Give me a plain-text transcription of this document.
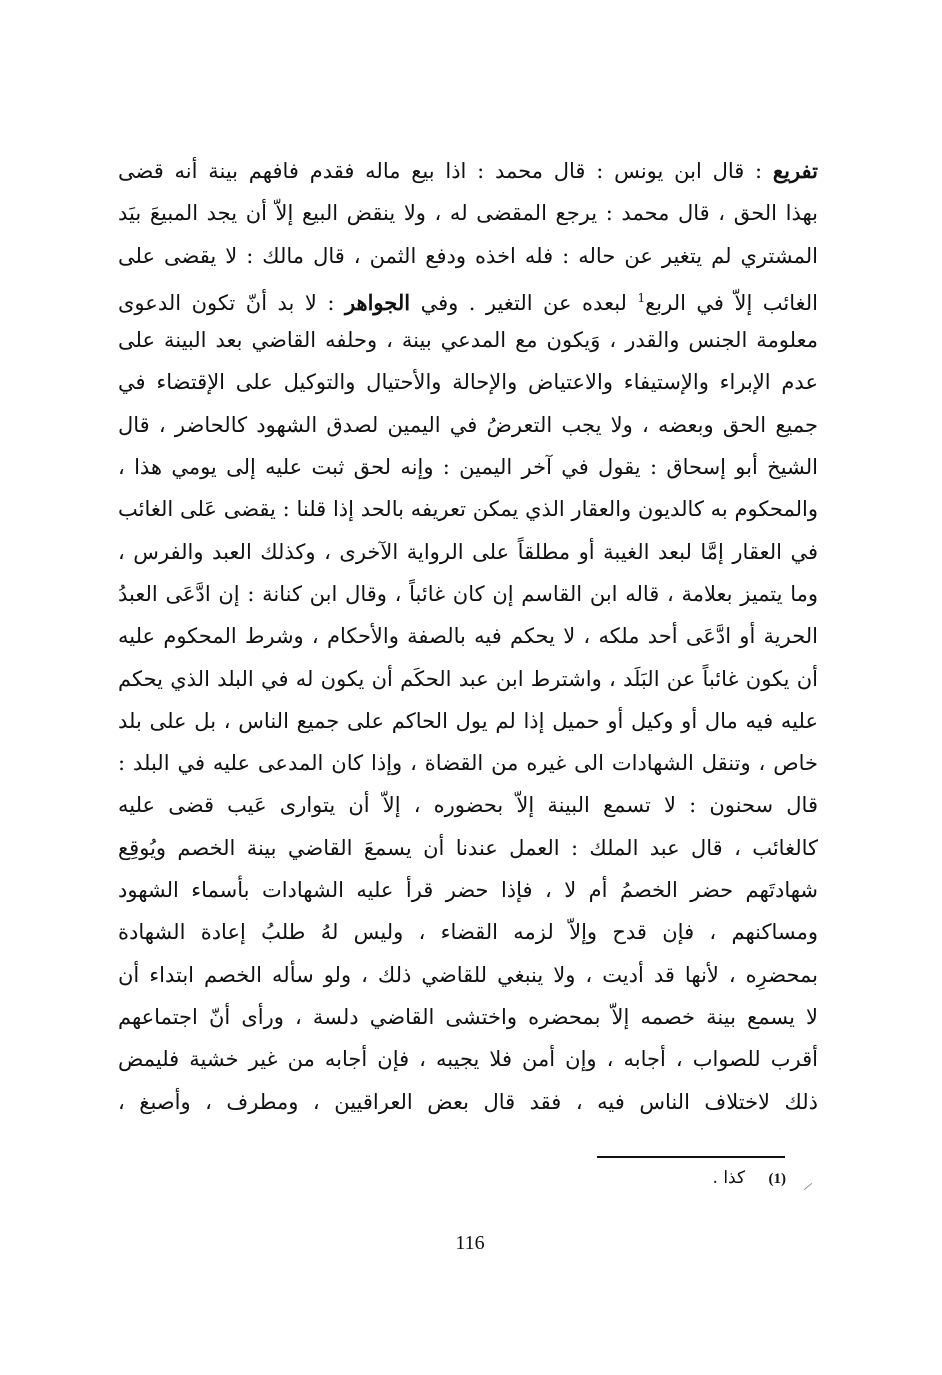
تفريع : قال ابن يونس : قال محمد : اذا بيع ماله فقدم فافهم بينة أنه قضى
بهذا الحق ، قال محمد : يرجع المقضى له ، ولا ينقض البيع إلاّ أن يجد المبيعَ بيَد
المشتري لم يتغير عن حاله : فله اخذه ودفع الثمن ، قال مالك : لا يقضى على
الغائب إلاّ في الربع$^1$ لبعده عن التغير . وفي الجواهر : لا بد أنّ تكون الدعوى
معلومة الجنس والقدر ، وَيكون مع المدعي بينة ، وحلفه القاضي بعد البينة على
عدم الإبراء والإستيفاء والاعتياض والإحالة والأحتيال والتوكيل على الإقتضاء في
جميع الحق وبعضه ، ولا يجب التعرضُ في اليمين لصدق الشهود كالحاضر ، قال
الشيخ أبو إسحاق : يقول في آخر اليمين : وإنه لحق ثبت عليه إلى يومي هذا ،
والمحكوم به كالديون والعقار الذي يمكن تعريفه بالحد إذا قلنا : يقضى عَلى الغائب
في العقار إمَّا لبعد الغيبة أو مطلقاً على الرواية الآخرى ، وكذلك العبد والفرس ،
وما يتميز بعلامة ، قاله ابن القاسم إن كان غائباً ، وقال ابن كنانة : إن ادَّعَى العبدُ
الحرية أو ادَّعَى أحد ملكه ، لا يحكم فيه بالصفة والأحكام ، وشرط المحكوم عليه
أن يكون غائباً عن البَلَد ، واشترط ابن عبد الحكَم أن يكون له في البلد الذي يحكم
عليه فيه مال أو وكيل أو حميل إذا لم يول الحاكم على جميع الناس ، بل على بلد
خاص ، وتنقل الشهادات الى غيره من القضاة ، وإذا كان المدعى عليه في البلد :
قال سحنون : لا تسمع البينة إلاّ بحضوره ، إلاّ أن يتوارى عَيب قضى عليه
كالغائب ، قال عبد الملك : العمل عندنا أن يسمعَ القاضي بينة الخصم ويُوقِع
شهادتَهم حضر الخصمُ أم لا ، فإذا حضر قرأ عليه الشهادات بأسماء الشهود
ومساكنهم ، فإن قدح وإلاّ لزمه القضاء ، وليس لهُ طلبُ إعادة الشهادة
بمحضرِه ، لأنها قد أديت ، ولا ينبغي للقاضي ذلك ، ولو سأله الخصم ابتداء أن
لا يسمع بينة خصمه إلاّ بمحضره واختشى القاضي دلسة ، ورأى أنّ اجتماعهم
أقرب للصواب ، أجابه ، وإن أمن فلا يجيبه ، فإن أجابه من غير خشية فليمض
ذلك لاختلاف الناس فيه ، فقد قال بعض العراقيين ، ومطرف ، وأصبغ ،
(1) كذا .
116
